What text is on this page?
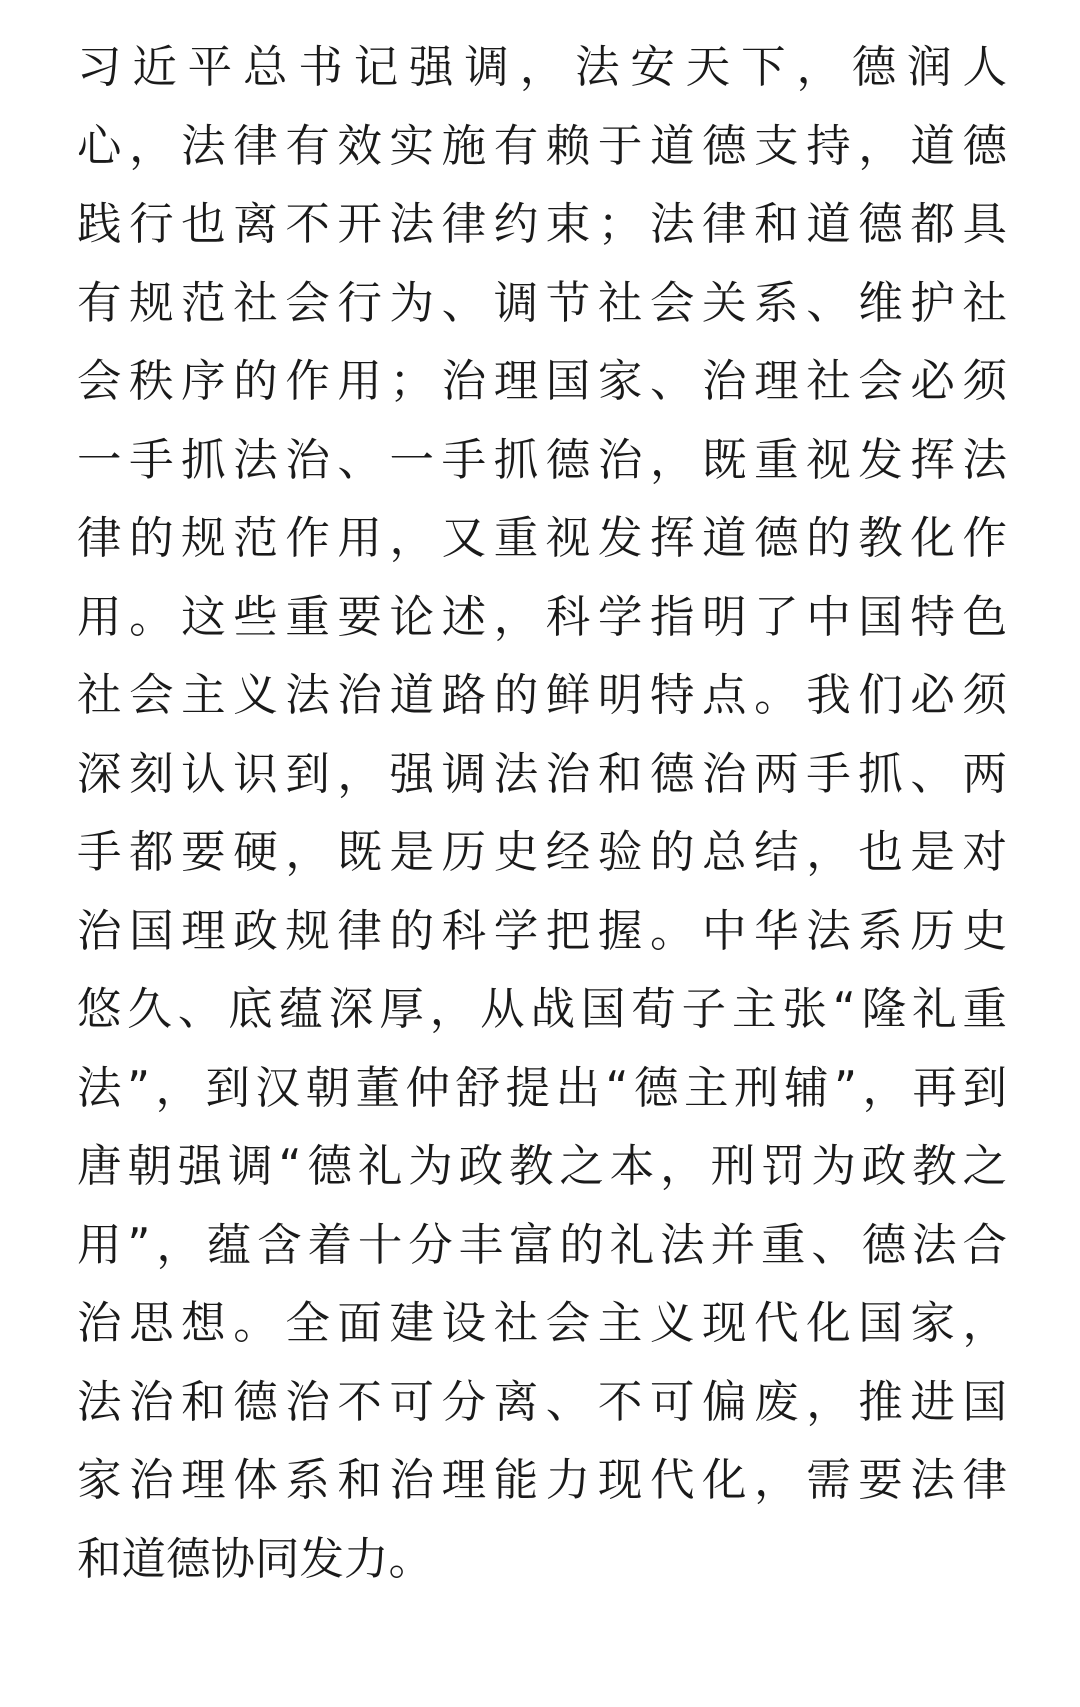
习近平总书记强调，法安天下，德润人
心，法律有效实施有赖于道德支持，道德
践行也离不开法律约束；法律和道德都具
有规范社会行为、调节社会关系、维护社
会秩序的作用；治理国家、治理社会必须
一手抓法治、一手抓德治，既重视发挥法
律的规范作用，又重视发挥道德的教化作
用。这些重要论述，科学指明了中国特色
社会主义法治道路的鲜明特点。我们必须
深刻认识到，强调法治和德治两手抓、两
手都要硬，既是历史经验的总结，也是对
治国理政规律的科学把握。中华法系历史
悠久、底蕴深厚，从战国荀子主张“隆礼重
法”，到汉朝董仲舒提出“德主刑辅”，再到
唐朝强调“德礼为政教之本，刑罚为政教之
用”，蕴含着十分丰富的礼法并重、德法合
治思想。全面建设社会主义现代化国家，
法治和德治不可分离、不可偏废，推进国
家治理体系和治理能力现代化，需要法律
和道德协同发力。
